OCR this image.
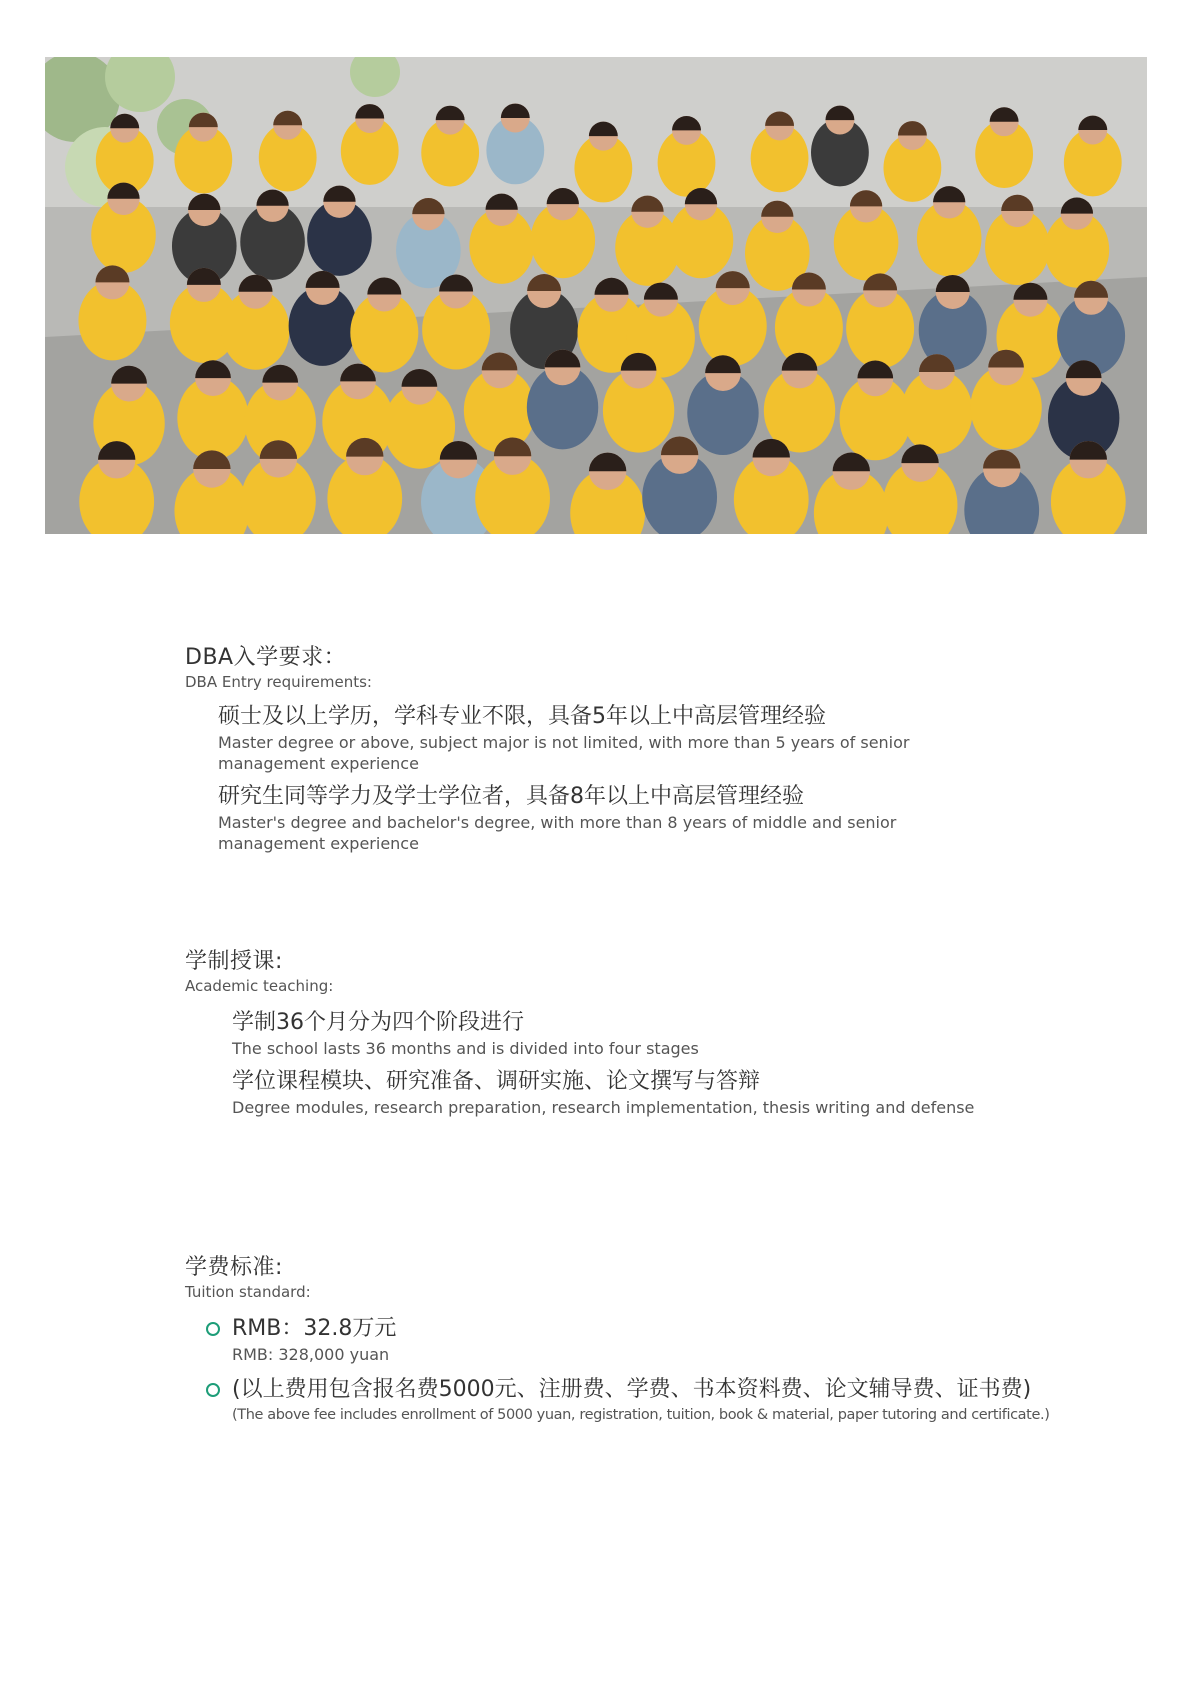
DBA入学要求：
DBA Entry requirements:
硕士及以上学历，学科专业不限，具备5年以上中高层管理经验
Master degree or above, subject major is not limited, with more than 5 years of senior management experience
研究生同等学力及学士学位者，具备8年以上中高层管理经验
Master's degree and bachelor's degree, with more than 8 years of middle and senior management experience
学制授课:
Academic teaching:
学制36个月分为四个阶段进行
The school lasts 36 months and is divided into four stages
学位课程模块、研究准备、调研实施、论文撰写与答辩
Degree modules, research preparation, research implementation, thesis writing and defense
学费标准:
Tuition standard:
RMB：32.8万元
RMB: 328,000 yuan
(以上费用包含报名费5000元、注册费、学费、书本资料费、论文辅导费、证书费)
(The above fee includes enrollment of 5000 yuan, registration, tuition, book & material, paper tutoring and certificate.)
